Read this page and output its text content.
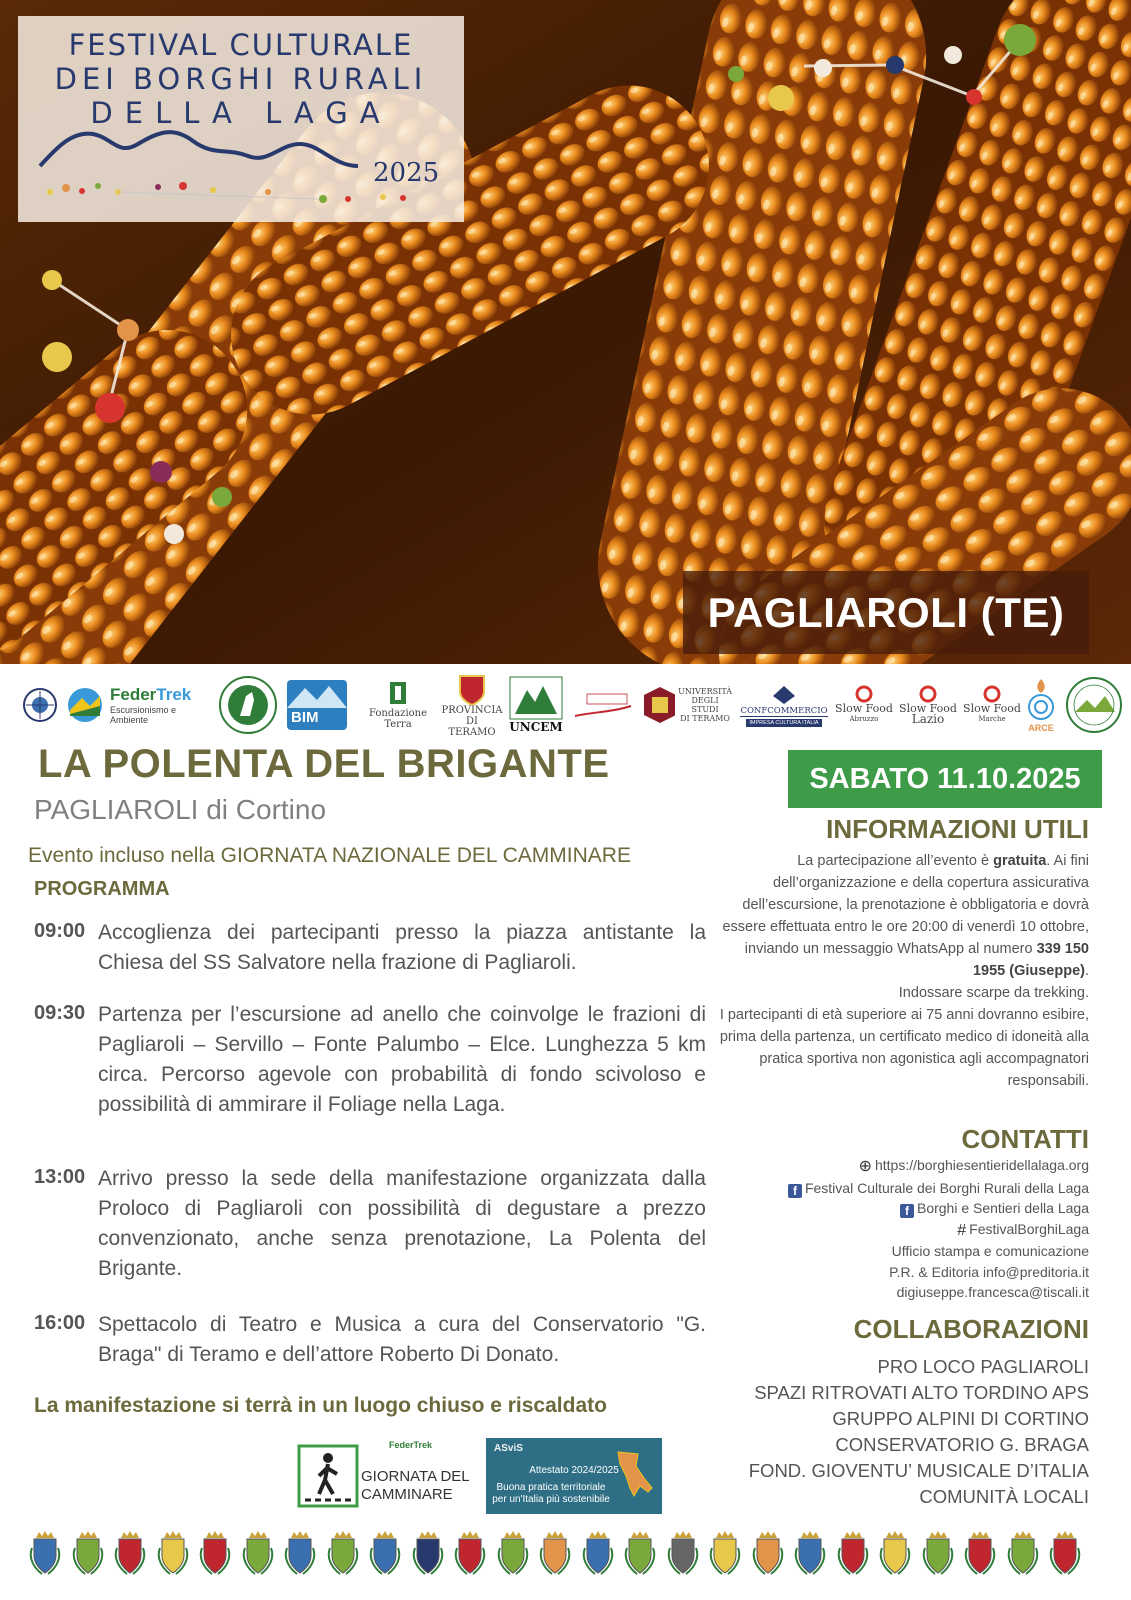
FESTIVAL CULTURALE
DEI BORGHI RURALI
DELLA LAGA
2025
PAGLIAROLI (TE)
FederTrek
Escursionismo e Ambiente	BIM	Fondazione Terra
PROVINCIA
DI TERAMO	UNCEM
UNIVERSITÀ
DEGLI STUDI
DI TERAMO
CONFCOMMERCIO
IMPRESA CULTURA ITALIA
Slow Food
Abruzzo
Slow Food
Lazio
Slow Food
Marche
ARCE
LA POLENTA DEL BRIGANTE
PAGLIAROLI di Cortino
Evento incluso nella GIORNATA NAZIONALE DEL CAMMINARE
PROGRAMMA
09:00 Accoglienza dei partecipanti presso la piazza antistante la Chiesa del SS Salvatore nella frazione di Pagliaroli.
09:30 Partenza per l’escursione ad anello che coinvolge le frazioni di Pagliaroli – Servillo – Fonte Palumbo – Elce. Lunghezza 5 km circa. Percorso agevole con probabilità di fondo scivoloso e possibilità di ammirare il Foliage nella Laga.
13:00 Arrivo presso la sede della manifestazione organizzata dalla Proloco di Pagliaroli con possibilità di degustare a prezzo convenzionato, anche senza prenotazione, La Polenta del Brigante.
16:00 Spettacolo di Teatro e Musica a cura del Conservatorio "G. Braga" di Teramo e dell’attore Roberto Di Donato.
La manifestazione si terrà in un luogo chiuso e riscaldato
FederTrek
GIORNATA DEL
CAMMINARE
ASviS
Attestato 2024/2025
Buona pratica territoriale per un'Italia più sostenibile
SABATO 11.10.2025
INFORMAZIONI UTILI
La partecipazione all’evento è gratuita. Ai fini dell’organizzazione e della copertura assicurativa dell’escursione, la prenotazione è obbligatoria e dovrà essere effettuata entro le ore 20:00 di venerdì 10 ottobre, inviando un messaggio WhatsApp al numero 339 150 1955 (Giuseppe).
Indossare scarpe da trekking.
I partecipanti di età superiore ai 75 anni dovranno esibire, prima della partenza, un certificato medico di idoneità alla pratica sportiva non agonistica agli accompagnatori responsabili.
CONTATTI
⊕ https://borghiesentieridellalaga.org
f Festival Culturale dei Borghi Rurali della Laga
f Borghi e Sentieri della Laga
# FestivalBorghiLaga
Ufficio stampa e comunicazione
P.R. & Editoria info@preditoria.it
digiuseppe.francesca@tiscali.it
COLLABORAZIONI
PRO LOCO PAGLIAROLI
SPAZI RITROVATI ALTO TORDINO APS
GRUPPO ALPINI DI CORTINO
CONSERVATORIO G. BRAGA
FOND. GIOVENTU’ MUSICALE D’ITALIA
COMUNITÀ LOCALI
